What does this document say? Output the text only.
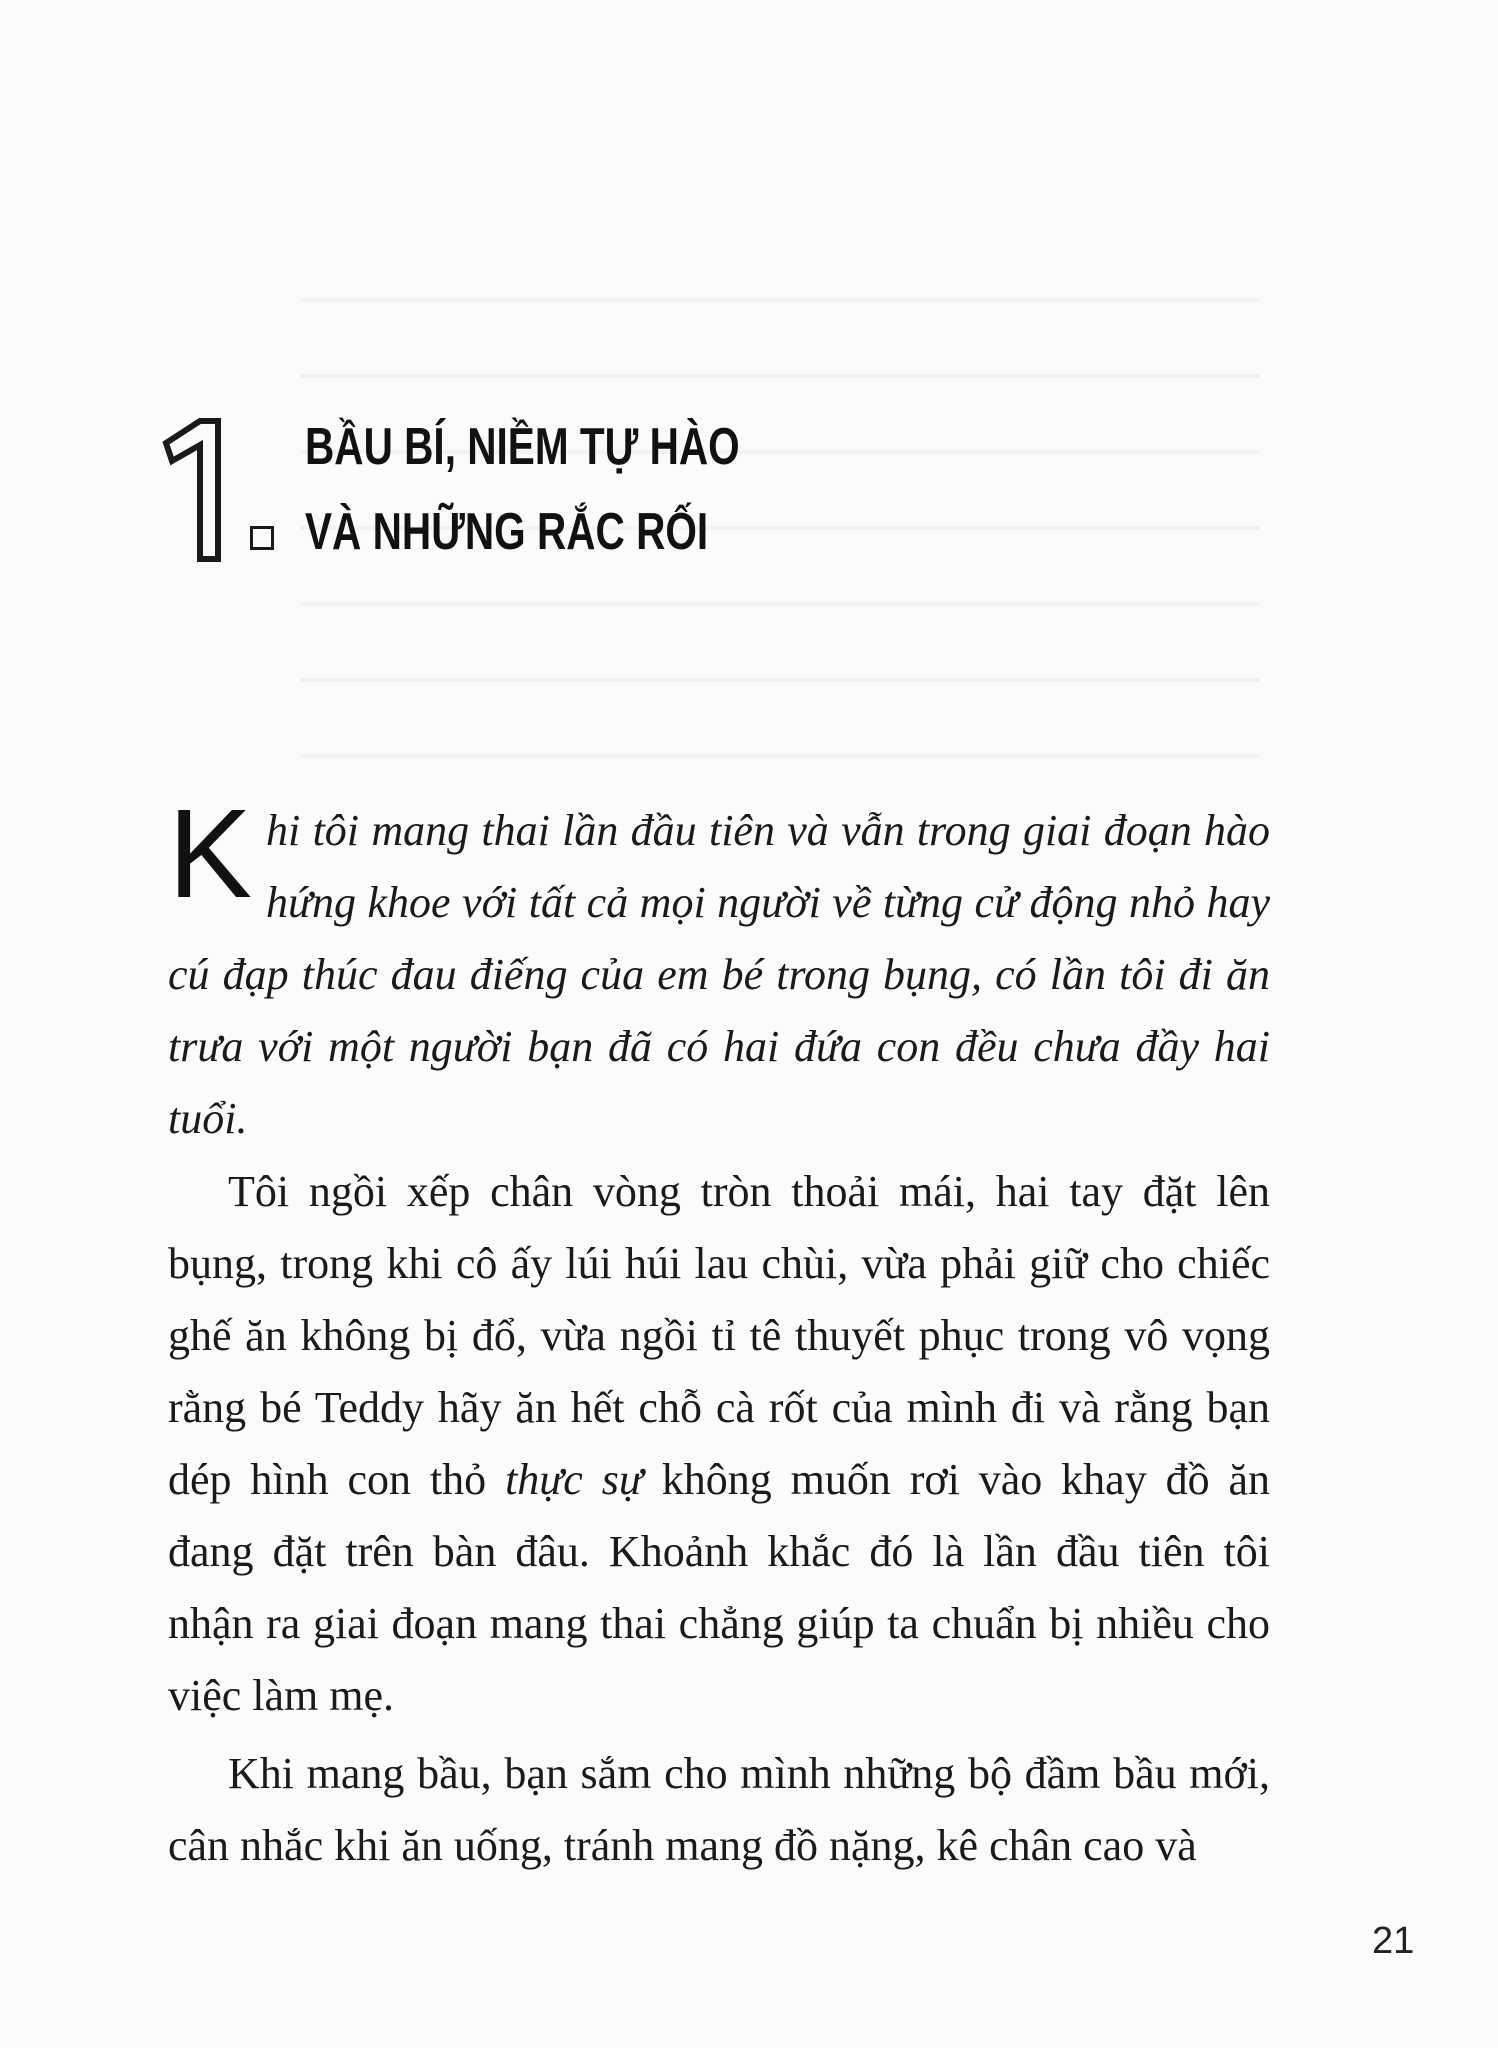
BẦU BÍ, NIỀM TỰ HÀO
VÀ NHỮNG RẮC RỐI
Khi tôi mang thai lần đầu tiên và vẫn trong giai đoạn hào hứng khoe với tất cả mọi người về từng cử động nhỏ hay cú đạp thúc đau điếng của em bé trong bụng, có lần tôi đi ăn trưa với một người bạn đã có hai đứa con đều chưa đầy hai tuổi.
Tôi ngồi xếp chân vòng tròn thoải mái, hai tay đặt lên bụng, trong khi cô ấy lúi húi lau chùi, vừa phải giữ cho chiếc ghế ăn không bị đổ, vừa ngồi tỉ tê thuyết phục trong vô vọng rằng bé Teddy hãy ăn hết chỗ cà rốt của mình đi và rằng bạn dép hình con thỏ thực sự không muốn rơi vào khay đồ ăn đang đặt trên bàn đâu. Khoảnh khắc đó là lần đầu tiên tôi nhận ra giai đoạn mang thai chẳng giúp ta chuẩn bị nhiều cho việc làm mẹ.
Khi mang bầu, bạn sắm cho mình những bộ đầm bầu mới, cân nhắc khi ăn uống, tránh mang đồ nặng, kê chân cao và
21
